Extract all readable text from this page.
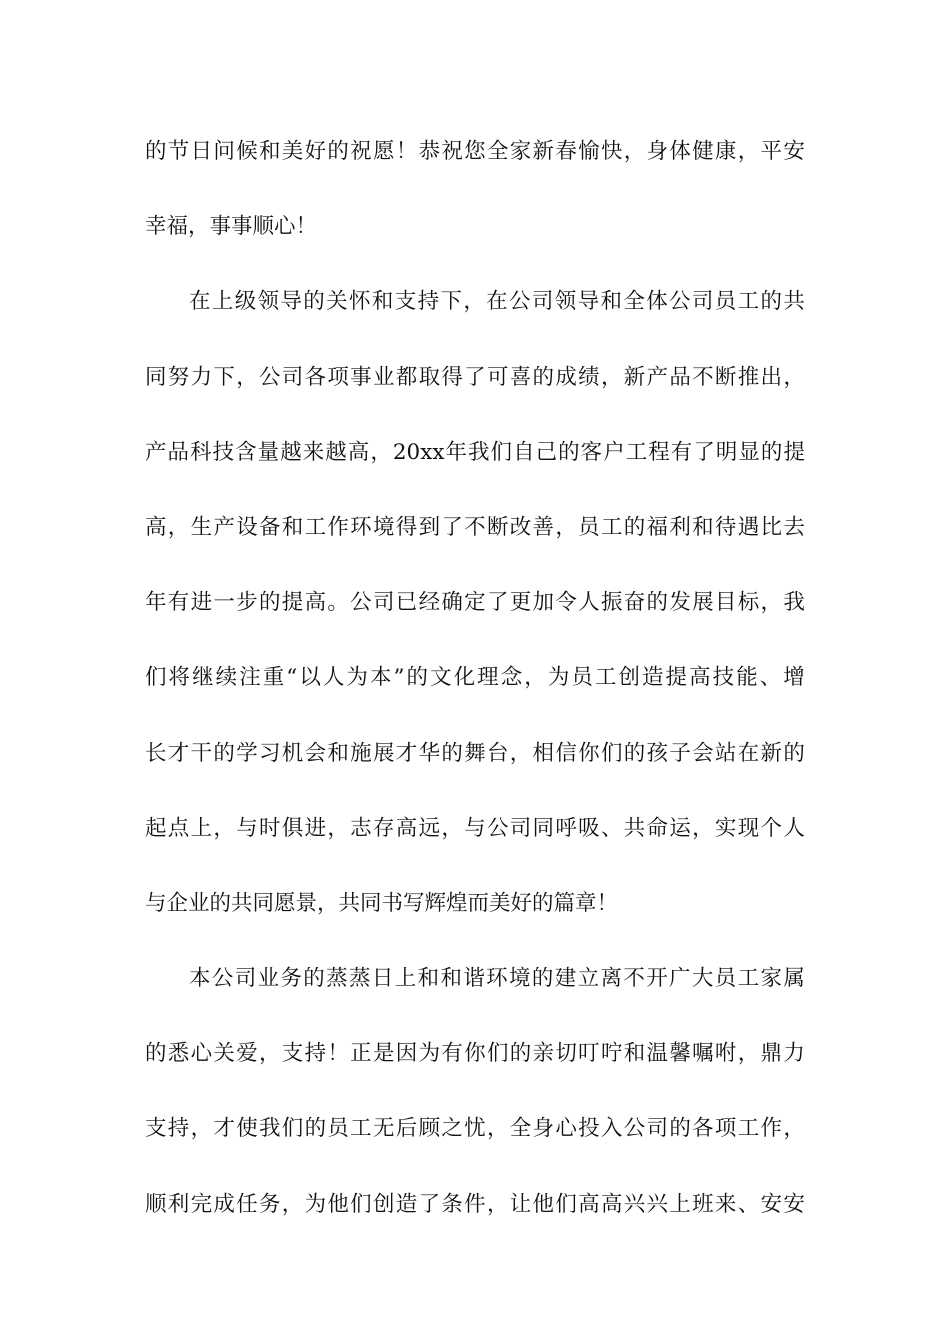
的 节 日 问 候 和 美 好 的 祝 愿 ！ 恭 祝 您 全 家 新 春 愉 快 ， 身 体 健 康 ， 平 安
幸福，事事顺心！
在 上 级 领 导 的 关 怀 和 支 持 下 ， 在 公 司 领 导 和 全 体 公 司 员 工 的 共
同 努 力 下 ， 公 司 各 项 事 业 都 取 得 了 可 喜 的 成 绩 ， 新 产 品 不 断 推 出 ，
产 品 科 技 含 量 越 来 越 高 ， 20xx 年 我 们 自 己 的 客 户 工 程 有 了 明 显 的 提
高 ， 生 产 设 备 和 工 作 环 境 得 到 了 不 断 改 善 ， 员 工 的 福 利 和 待 遇 比 去
年 有 进 一 步 的 提 高 。 公 司 已 经 确 定 了 更 加 令 人 振 奋 的 发 展 目 标 ， 我
们 将 继 续 注 重 “ 以 人 为 本 ” 的 文 化 理 念 ， 为 员 工 创 造 提 高 技 能 、 增
长 才 干 的 学 习 机 会 和 施 展 才 华 的 舞 台 ， 相 信 你 们 的 孩 子 会 站 在 新 的
起 点 上 ， 与 时 俱 进 ， 志 存 高 远 ， 与 公 司 同 呼 吸 、 共 命 运 ， 实 现 个 人
与企业的共同愿景，共同书写辉煌而美好的篇章！
本 公 司 业 务 的 蒸 蒸 日 上 和 和 谐 环 境 的 建 立 离 不 开 广 大 员 工 家 属
的 悉 心 关 爱 ， 支 持 ！ 正 是 因 为 有 你 们 的 亲 切 叮 咛 和 温 馨 嘱 咐 ， 鼎 力
支 持 ， 才 使 我 们 的 员 工 无 后 顾 之 忧 ， 全 身 心 投 入 公 司 的 各 项 工 作 ，
顺 利 完 成 任 务 ， 为 他 们 创 造 了 条 件 ， 让 他 们 高 高 兴 兴 上 班 来 、 安 安
